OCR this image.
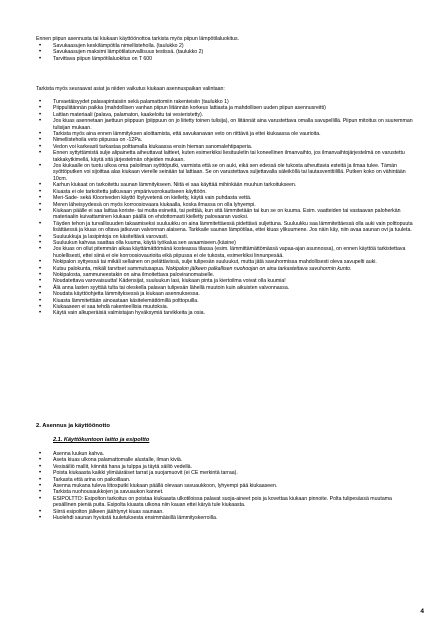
Ennen piipun asennusta tai kiukaan käyttöönottoa tarkista myös piipun lämpötilaluokitus.

• Savukaasujen keskilämpötila nimellisteholla. (taulukko 2)
• Savukaasujen maksimi lämpötilaturvallisuus testissä. (taulukko 2)
• Tarvittava piipun lämpötilaluokitus on T 600

Tarkista myös seuraavat asiat ja niiden vaikutus kiukaan asennuspaikan valintaan:

• Turvaetäisyydet palavapintaisiin sekä palamattomiin rakenteisiin (taulukko 1)
• Piippuliitännän paikka (mahdollisen vanhan piipun liitännän korkeus lattiasta ja mahdollisen uuden piipun asennusreitti)
• Lattian materiaali (palava, palamaton, kaakeloitu tai vesieristetty).
• Jos kiuas asennetaan jaettuun piippuun (piippuun on jo liitetty toinen tulisija), on liitännät aina varustettava omalla savupellillä. Piipun mitoitus on suuremman tulisijan mukaan.
• Tarkista myös aina ennen lämmityksen aloittamista, että savukanavan veto on riittävä ja ettei kiukaassa ole vaurioita.
• Nimellistehoila veto piipussa on -12Pa.
• Vedon voi karkeasti tarkastaa polttamalla kiukaassa ensin hieman sanomalehtipaperia.
• Ennen syttyttämistä sulje alipainetta aiheuttavat laitteet, kuten esimerkiksi liesituuletin tai koneellinen ilmanvaihto, jos ilmanvaihtojärjestelmä on varustettu takkakytkimellä, käytä sitä järjestelmän ohjeiden mukaan.
• Jos kiukaalle on tuotu ulkoa oma paloilman syöttöputki, varmista että se on auki, eikä sen edessä ole tukosta aiheuttavia esteitä ja ilmaa tulee. Tämän syöttöputken voi sijoittaa alas kiukaan vierelle seinään tai lattiaan. Se on varustettava suljettavalla säleiköllä tai lautasventtiilillä. Putken koko on vähintään 10cm.
• Karhun kiukaat on tarkoitettu saunan lämmitykseen. Niitä ei saa käyttää mihinkään muuhun tarkoitukseen.
• Kiuasta ei ole tarkoitettu jatkuvaan ympärivuorokautiseen käyttöön.
• Meri-Sade- sekä Klooriveden käyttö löylyvetenä on kielletty, käytä vain puhdasta vettä.
• Meren läheisyydessä on myös korroosiovaara kiukaalla, koska ilmassa on olla lyhyempi.
• Kiukaan päälle ei saa laittaa koriste- tai muita esineitä, tai peittää, kun sitä lämmitetään tai kun se on kuuma. Esim. vaatteiden tai vastaavan paloherkän materiaalin kuivattaminen kiukaan päällä on ehdottomasti kielletty palovaaran vuoksi.
• Täyden tehon ja turvallisuuden takaamiseksi suuluukku on aina lämmitettäessä pidettävä suljettuna. Suuluukku saa lämmitettäessä olla auki vain polttopuuta lisättäessä ja kiuas on oltava jatkuvan valvonnan alaisena. Tarkkaile saunan lämpötilaa, ettei kiuas ylikuumene. Jos näin käy, niin avaa saunan ovi ja tuuleta.
• Suuluukkuja ja lasipintoja on käsiteltävä varovasti.
• Suuluukun kahvaa saattaa olla kuuma, käytä työkalua sen avaamiseen.(käsine)
• Jos kiuas on ollut pitemmän aikaa käyttämättömänä kosteassa tilassa (esim. lämmittämättömässä vapaa-ajan asunnossa), on ennen käyttöä tarkistettava huolellisesti, ettei siinä ei ole korroosiovaurioita eikä piipussa ei ole tukosta, esimerkiksi linnunpesää.
• Nokipalon syttyessä tai mikäli sellainen on pelättävissä, sulje tulipesän suuluukut, mutta jätä savuhormissa mahdollisesti oleva savupelti auki.
• Kutsu palokunta, mikäli tarvitset sammutusapua. Nokipalon jälkeen palkallisen nuohoojan on aina tarkastettava savuhormin kunto.
• Nokipalosta, sammuneestakin on aina ilmoitettava paloviranomaiselle.
• Noudatettava varovaisuutta! Kädensijat, suuluukun lasi, kiukaan pinta ja kiertoilma voivat olla kuumia!
• Älä anna lasten syyttää tulta tai oleskella palavan tulipesän lähellä muutoin kuin aikuisten valvonnassa.
• Noudata käyttöohjetta lämmityksessä ja kiukaan asennuksessa.
• Kiuasta lämmitettään ainoastaan käsitelemättömillä polttopuilla.
• Kiukaaseen ei saa tehdä rakenteellisia muutoksia.
• Käytä vain alkuperäisiä valmistajan hyväksymiä tarvikkeita ja osia.
2. Asennus ja käyttöönotto
2.1. Käyttökuntoon laitto ja esipoltto
• Asenna luukun kahva.
• Aseta kiuas ulkona palamattomalle alustalle, ilman kiviä.
• Vesisäiliö mallit, kiinnitä hana ja tulppa ja täytä säiliö vedellä.
• Poista kiukaasta kaikki ylimääräiset tarrat ja suojamuovit (ei CE merkintä tarraa).
• Tarkasta että arina on paikoillaan.
• Asenna mukana tuleva liitosputki kiukaan päällä olevaan savuaukkoon, lyhyempi pää kiukaaseen.
• Tarkista nuohousaukkojen ja savuaukon kannet.
• ESIPOLTTO: Esipolton tarkoitus on poistaa kiukaasta ulkotiloissa palavat suoja-aineet pois ja kovettaa kiukaan pinnoite. Polta tulipesässä muutama pesällinen pieniä puita. Esipolta kiuasta ulkona niin kauan ettei käryä tule kiukaasta.
• Siirrä esipolton jälkeen jäähtynyt kiuas saunaan.
• Huolehdi saunan hyvästä tuuletuksesta ensimmäisillä lämmityskerroilla.
4
